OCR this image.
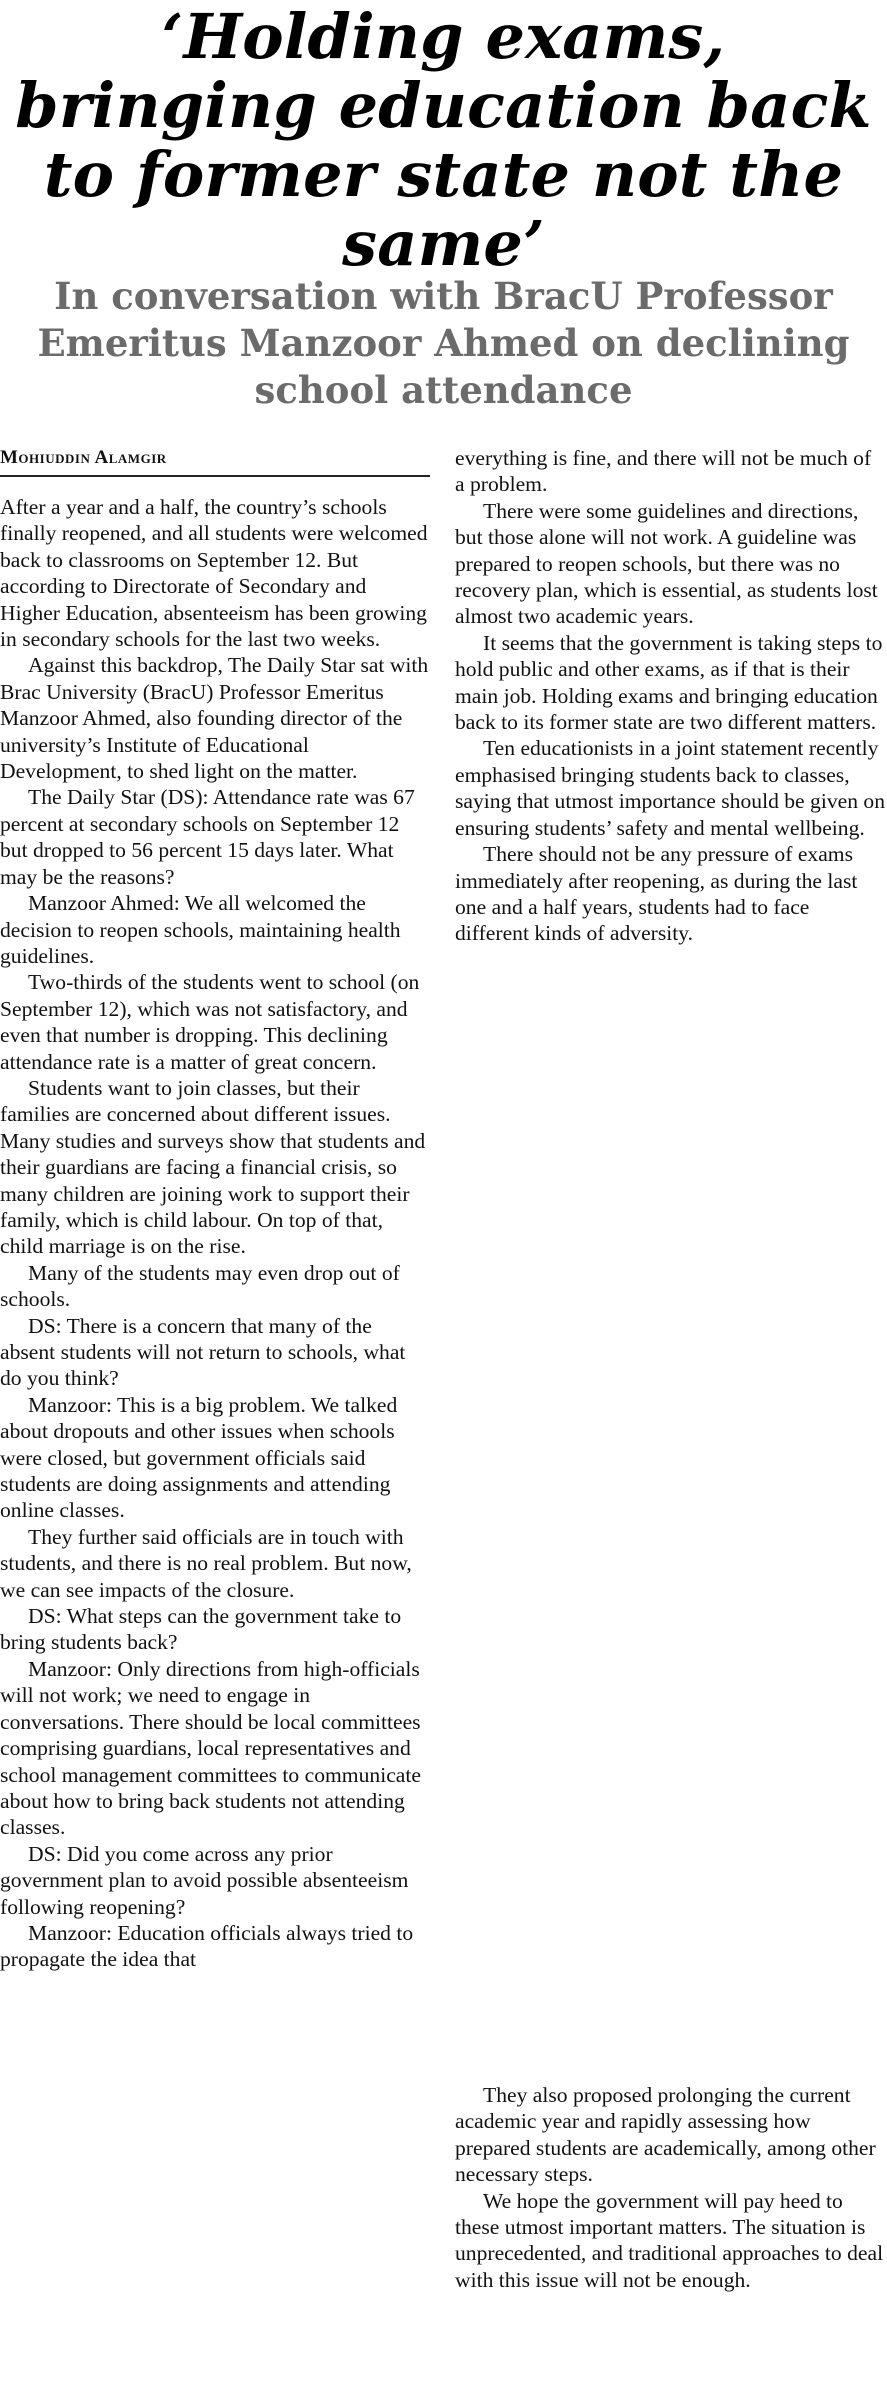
‘Holding exams, bringing education back to former state not the same’
In conversation with BracU Professor Emeritus Manzoor Ahmed on declining school attendance
Mohiuddin Alamgir

After a year and a half, the country’s schools finally reopened, and all students were welcomed back to classrooms on September 12. But according to Directorate of Secondary and Higher Education, absenteeism has been growing in secondary schools for the last two weeks.

Against this backdrop, The Daily Star sat with Brac University (BracU) Professor Emeritus Manzoor Ahmed, also founding director of the university’s Institute of Educational Development, to shed light on the matter.

The Daily Star (DS): Attendance rate was 67 percent at secondary schools on September 12 but dropped to 56 percent 15 days later. What may be the reasons?

Manzoor Ahmed: We all welcomed the decision to reopen schools, maintaining health guidelines.

Two-thirds of the students went to school (on September 12), which was not satisfactory, and even that number is dropping. This declining attendance rate is a matter of great concern.

Students want to join classes, but their families are concerned about different issues. Many studies and surveys show that students and their guardians are facing a financial crisis, so many children are joining work to support their family, which is child labour. On top of that, child marriage is on the rise.

Many of the students may even drop out of schools.

DS: There is a concern that many of the absent students will not return to schools, what do you think?

Manzoor: This is a big problem. We talked about dropouts and other issues when schools were closed, but government officials said students are doing assignments and attending online classes.

They further said officials are in touch with students, and there is no real problem. But now, we can see impacts of the closure.

DS: What steps can the government take to bring students back?

Manzoor: Only directions from high-officials will not work; we need to engage in conversations. There should be local committees comprising guardians, local representatives and school management committees to communicate about how to bring back students not attending classes.

DS: Did you come across any prior government plan to avoid possible absenteeism following reopening?

Manzoor: Education officials always tried to propagate the idea that

everything is fine, and there will not be much of a problem.

There were some guidelines and directions, but those alone will not work. A guideline was prepared to reopen schools, but there was no recovery plan, which is essential, as students lost almost two academic years.

It seems that the government is taking steps to hold public and other exams, as if that is their main job. Holding exams and bringing education back to its former state are two different matters.

Ten educationists in a joint statement recently emphasised bringing students back to classes, saying that utmost importance should be given on ensuring students’ safety and mental wellbeing.

There should not be any pressure of exams immediately after reopening, as during the last one and a half years, students had to face different kinds of adversity.

They also proposed prolonging the current academic year and rapidly assessing how prepared students are academically, among other necessary steps.

We hope the government will pay heed to these utmost important matters. The situation is unprecedented, and traditional approaches to deal with this issue will not be enough.
